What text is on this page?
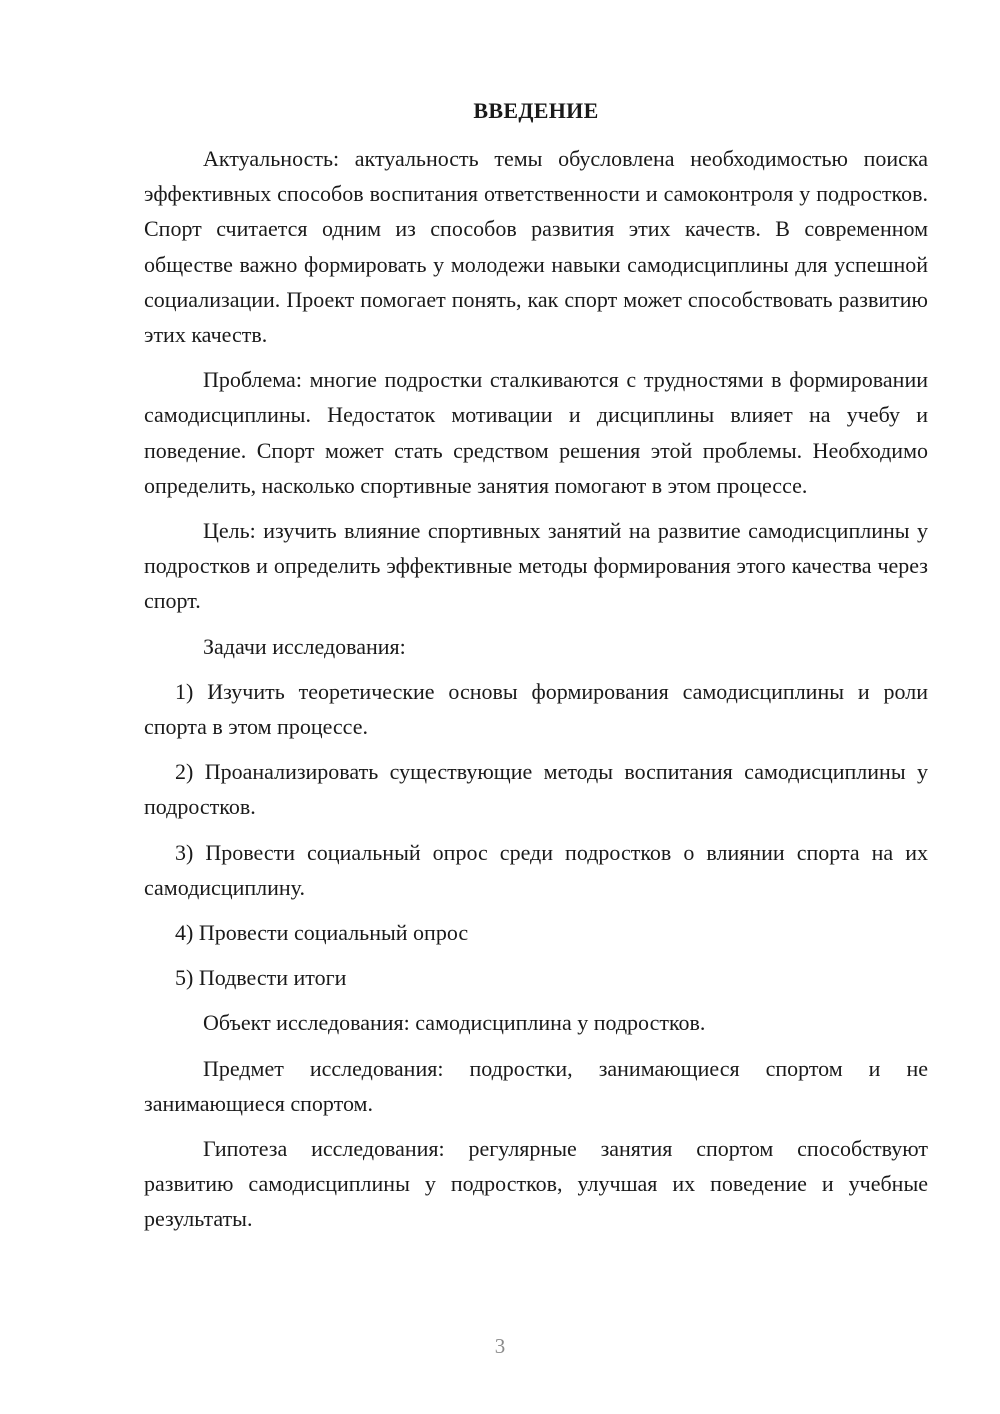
ВВЕДЕНИЕ

Актуальность: актуальность темы обусловлена необходимостью поиска эффективных способов воспитания ответственности и самоконтроля у подростков. Спорт считается одним из способов развития этих качеств. В современном обществе важно формировать у молодежи навыки самодисциплины для успешной социализации. Проект помогает понять, как спорт может способствовать развитию этих качеств.

Проблема: многие подростки сталкиваются с трудностями в формировании самодисциплины. Недостаток мотивации и дисциплины влияет на учебу и поведение. Спорт может стать средством решения этой проблемы. Необходимо определить, насколько спортивные занятия помогают в этом процессе.

Цель: изучить влияние спортивных занятий на развитие самодисциплины у подростков и определить эффективные методы формирования этого качества через спорт.

Задачи исследования:

1) Изучить теоретические основы формирования самодисциплины и роли спорта в этом процессе.

2) Проанализировать существующие методы воспитания самодисциплины у подростков.

3) Провести социальный опрос среди подростков о влиянии спорта на их самодисциплину.

4) Провести социальный опрос

5) Подвести итоги

Объект исследования: самодисциплина у подростков.

Предмет исследования: подростки, занимающиеся спортом и не занимающиеся спортом.

Гипотеза исследования: регулярные занятия спортом способствуют развитию самодисциплины у подростков, улучшая их поведение и учебные результаты.

3
